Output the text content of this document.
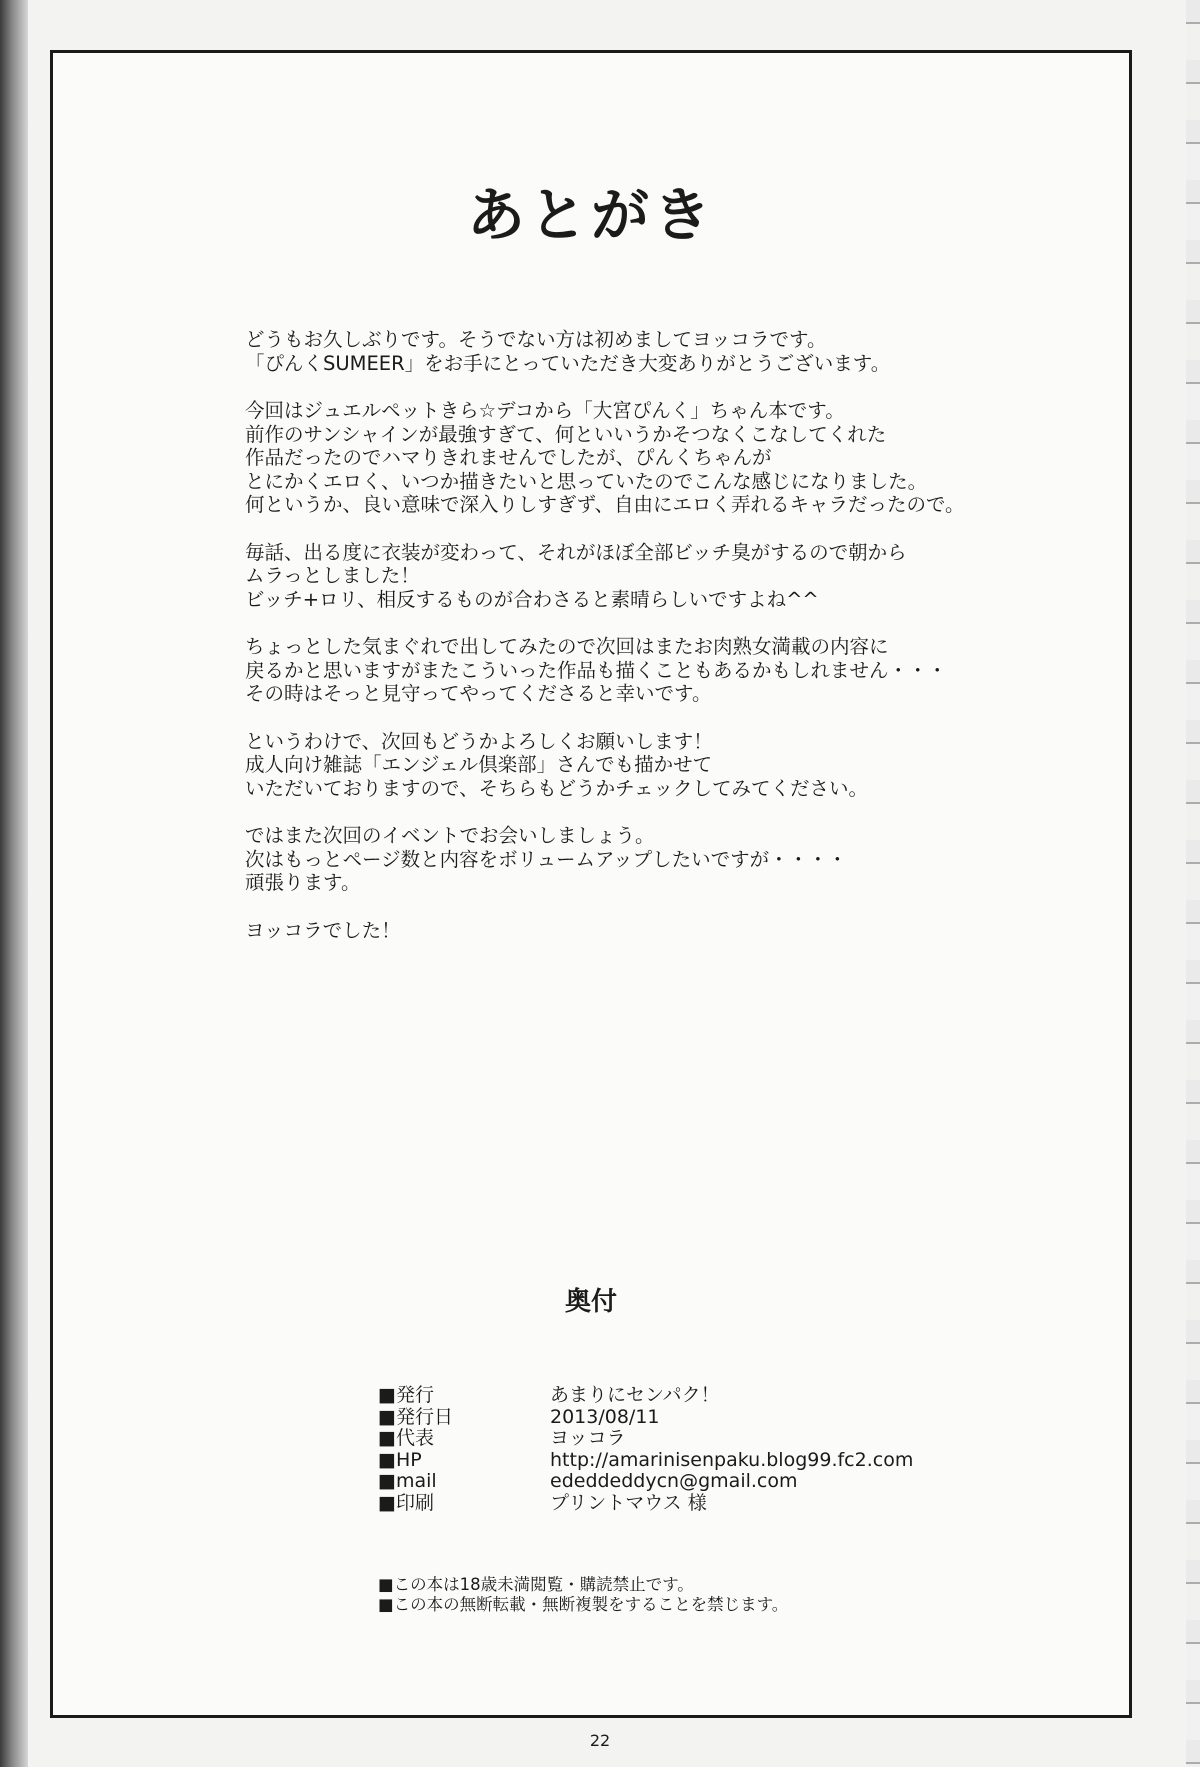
あとがき

どうもお久しぶりです。そうでない方は初めましてヨッコラです。
「ぴんくSUMEER」をお手にとっていただき大変ありがとうございます。

今回はジュエルペットきら☆デコから「大宮ぴんく」ちゃん本です。
前作のサンシャインが最強すぎて、何といいうかそつなくこなしてくれた
作品だったのでハマりきれませんでしたが、ぴんくちゃんが
とにかくエロく、いつか描きたいと思っていたのでこんな感じになりました。
何というか、良い意味で深入りしすぎず、自由にエロく弄れるキャラだったので。

毎話、出る度に衣装が変わって、それがほぼ全部ビッチ臭がするので朝から
ムラっとしました！
ビッチ+ロリ、相反するものが合わさると素晴らしいですよね^^

ちょっとした気まぐれで出してみたので次回はまたお肉熟女満載の内容に
戻るかと思いますがまたこういった作品も描くこともあるかもしれません・・・
その時はそっと見守ってやってくださると幸いです。

というわけで、次回もどうかよろしくお願いします！
成人向け雑誌「エンジェル倶楽部」さんでも描かせて
いただいておりますので、そちらもどうかチェックしてみてください。

ではまた次回のイベントでお会いしましょう。
次はもっとページ数と内容をボリュームアップしたいですが・・・・
頑張ります。

ヨッコラでした！

奥付
■発行	あまりにセンパク！
■発行日	2013/08/11
■代表	ヨッコラ
■HP	http://amarinisenpaku.blog99.fc2.com
■mail	ededdeddycn@gmail.com
■印刷	プリントマウス 様
■この本は18歳未満閲覧・購読禁止です。
■この本の無断転載・無断複製をすることを禁じます。
22
